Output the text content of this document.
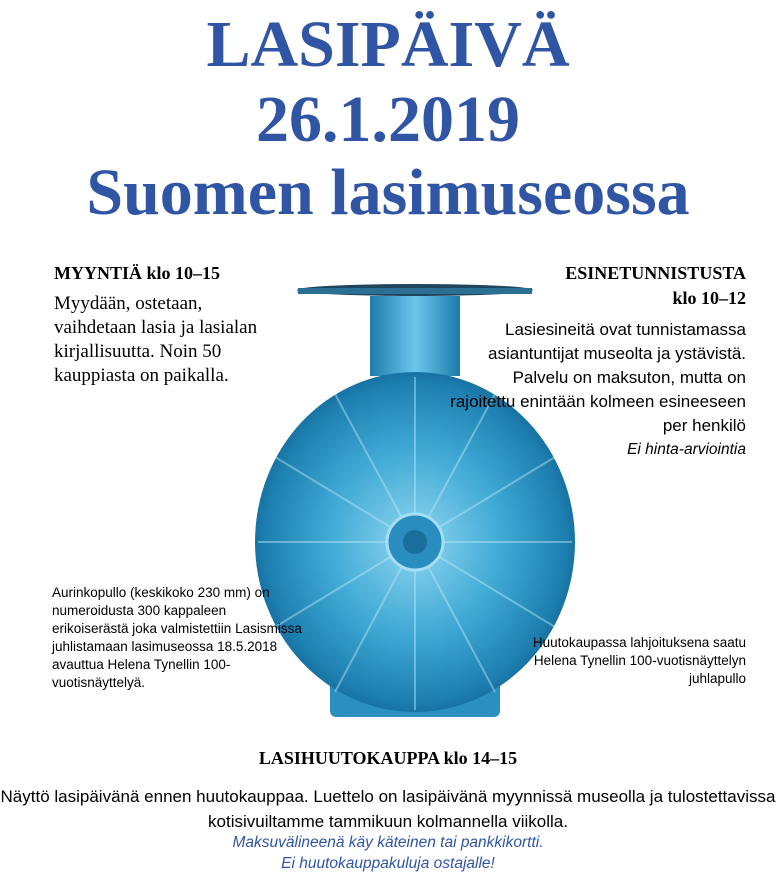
LASIPÄIVÄ
26.1.2019
Suomen lasimuseossa
MYYNTIÄ klo 10–15
Myydään, ostetaan, vaihdetaan lasia ja lasialan kirjallisuutta. Noin 50 kauppiasta on paikalla.
ESINETUNNISTUSTA
klo 10–12
Lasiesineitä ovat tunnistamassa asiantuntijat museolta ja ystävistä. Palvelu on maksuton, mutta on rajoitettu enintään kolmeen esineeseen per henkilö
Ei hinta-arviointia
Aurinkopullo (keskikoko 230 mm) on numeroidusta 300 kappaleen erikoiserästä joka valmistettiin Lasismissa juhlistamaan lasimuseossa 18.5.2018 avauttua Helena Tynellin 100-vuotisnäyttelyä.
Huutokaupassa lahjoituksena saatu Helena Tynellin 100-vuotisnäyttelyn juhlapullo
LASIHUUTOKAUPPA klo 14–15
Näyttö lasipäivänä ennen huutokauppaa. Luettelo on lasipäivänä myynnissä museolla ja tulostettavissa kotisivuiltamme tammikuun kolmannella viikolla.
Maksuvälineenä käy käteinen tai pankkikortti.
Ei huutokauppakuluja ostajalle!
